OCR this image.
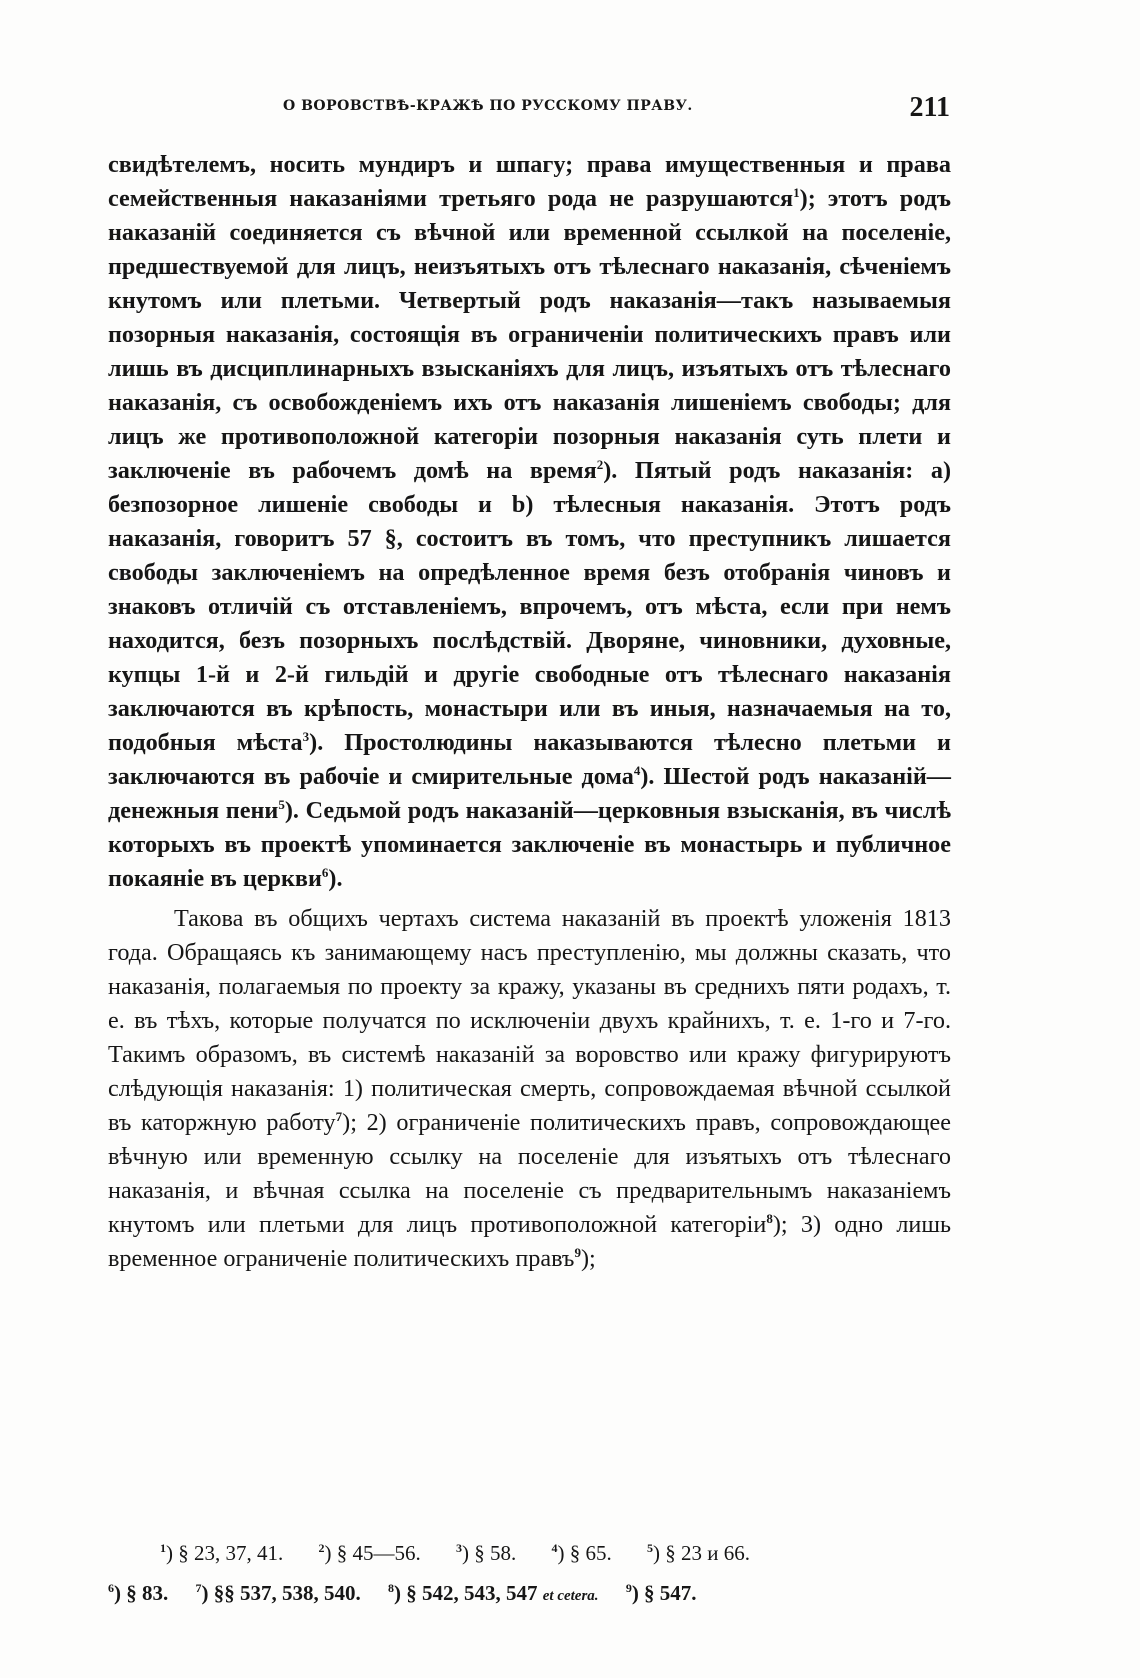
О ВОРОВСТВѢ-КРАЖѢ ПО РУССКОМУ ПРАВУ.	211

свидѣтелемъ, носить мундиръ и шпагу; права имущественныя и права семейственныя наказаніями третьяго рода не разрушаются$^1$); этотъ родъ наказаній соединяется съ вѣчной или временной ссылкой на поселеніе, предшествуемой для лицъ, неизъятыхъ отъ тѣлеснаго наказанія, сѣченіемъ кнутомъ или плетьми. Четвертый родъ наказанія—такъ называемыя позорныя наказанія, состоящія въ ограниченіи политическихъ правъ или лишь въ дисциплинарныхъ взысканіяхъ для лицъ, изъятыхъ отъ тѣлеснаго наказанія, съ освобожденіемъ ихъ отъ наказанія лишеніемъ свободы; для лицъ же противоположной категоріи позорныя наказанія суть плети и заключеніе въ рабочемъ домѣ на время$^2$). Пятый родъ наказанія: a) безпозорное лишеніе свободы и b) тѣлесныя наказанія. Этотъ родъ наказанія, говоритъ 57 §, состоитъ въ томъ, что преступникъ лишается свободы заключеніемъ на опредѣленное время безъ отобранія чиновъ и знаковъ отличій съ отставленіемъ, впрочемъ, отъ мѣста, если при немъ находится, безъ позорныхъ послѣдствій. Дворяне, чиновники, духовные, купцы 1-й и 2-й гильдій и другіе свободные отъ тѣлеснаго наказанія заключаются въ крѣпость, монастыри или въ иныя, назначаемыя на то, подобныя мѣста$^3$). Простолюдины наказываются тѣлесно плетьми и заключаются въ рабочіе и смирительные дома$^4$). Шестой родъ наказаній—денежныя пени$^5$). Седьмой родъ наказаній—церковныя взысканія, въ числѣ которыхъ въ проектѣ упоминается заключеніе въ монастырь и публичное покаяніе въ церкви$^6$).

Такова въ общихъ чертахъ система наказаній въ проектѣ уложенія 1813 года. Обращаясь къ занимающему насъ преступленію, мы должны сказать, что наказанія, полагаемыя по проекту за кражу, указаны въ среднихъ пяти родахъ, т. е. въ тѣхъ, которые получатся по исключеніи двухъ крайнихъ, т. е. 1-го и 7-го. Такимъ образомъ, въ системѣ наказаній за воровство или кражу фигурируютъ слѣдующія наказанія: 1) политическая смерть, сопровождаемая вѣчной ссылкой въ каторжную работу$^7$); 2) ограниченіе политическихъ правъ, сопровождающее вѣчную или временную ссылку на поселеніе для изъятыхъ отъ тѣлеснаго наказанія, и вѣчная ссылка на поселеніе съ предварительнымъ наказаніемъ кнутомъ или плетьми для лицъ противоположной категоріи$^8$); 3) одно лишь временное ограниченіе политическихъ правъ$^9$);

$^1$) § 23, 37, 41.	$^2$) § 45—56.	$^3$) § 58.	$^4$) § 65.	$^5$) § 23 и 66.
$^6$) § 83. $^7$) §§ 537, 538, 540. $^8$) § 542, 543, 547 et cetera. $^9$) § 547.
